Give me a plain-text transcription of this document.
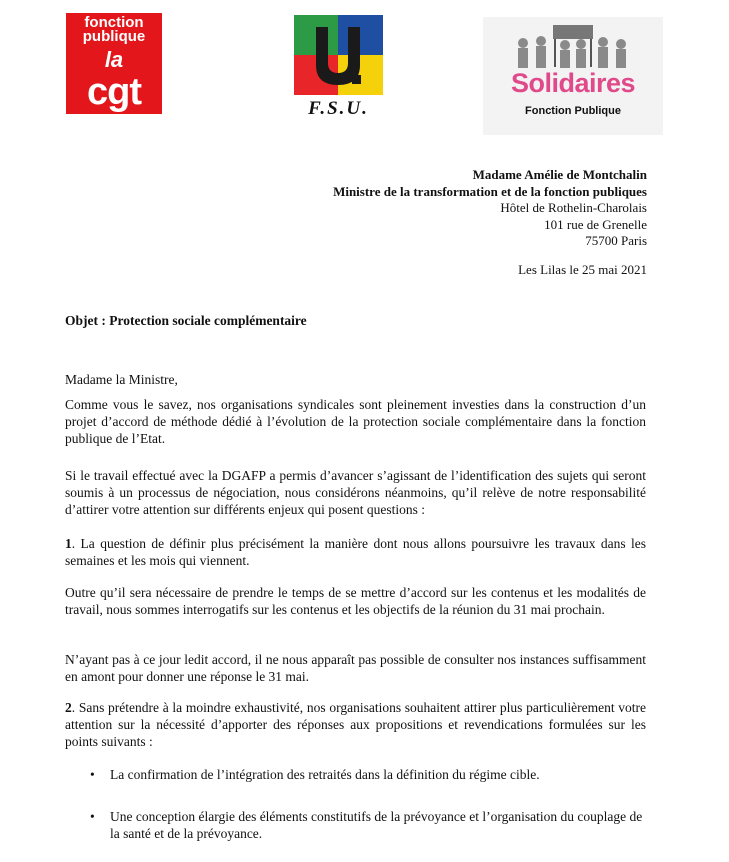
fonction
publique
la
cgt	F.S.U.
Solidaires
Fonction Publique
Madame Amélie de Montchalin
Ministre de la transformation et de la fonction publiques
Hôtel de Rothelin-Charolais
101 rue de Grenelle
75700 Paris
Les Lilas le 25 mai 2021
Objet : Protection sociale complémentaire
Madame la Ministre,
Comme vous le savez, nos organisations syndicales sont pleinement investies dans la construction d’un projet d’accord de méthode dédié à l’évolution de la protection sociale complémentaire dans la fonction publique de l’Etat.
Si le travail effectué avec la DGAFP a permis d’avancer s’agissant de l’identification des sujets qui seront soumis à un processus de négociation, nous considérons néanmoins, qu’il relève de notre responsabilité d’attirer votre attention sur différents enjeux qui posent questions :
1. La question de définir plus précisément la manière dont nous allons poursuivre les travaux dans les semaines et les mois qui viennent.
Outre qu’il sera nécessaire de prendre le temps de se mettre d’accord sur les contenus et les modalités de travail, nous sommes interrogatifs sur les contenus et les objectifs de la réunion du 31 mai prochain.
N’ayant pas à ce jour ledit accord, il ne nous apparaît pas possible de consulter nos instances suffisamment en amont pour donner une réponse le 31 mai.
2. Sans prétendre à la moindre exhaustivité, nos organisations souhaitent attirer plus particulièrement votre attention sur la nécessité d’apporter des réponses aux propositions et revendications formulées sur les points suivants :
•	La confirmation de l’intégration des retraités dans la définition du régime cible.
•	Une conception élargie des éléments constitutifs de la prévoyance et l’organisation du couplage de la santé et de la prévoyance.
